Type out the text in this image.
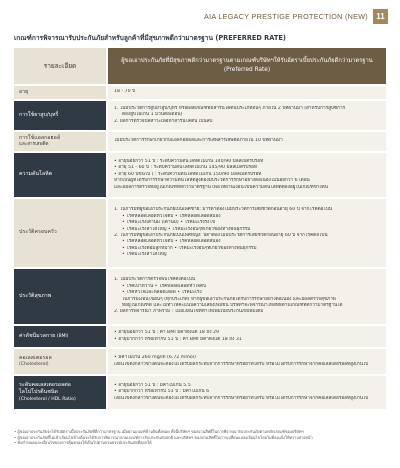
AIA LEGACY PRESTIGE PROTECTION (NEW)	11
เกณฑ์การพิจารณารับประกันภัยสำหรับลูกค้าที่มีสุขภาพดีกว่ามาตรฐาน (PREFERRED RATE)
รายละเอียด
ผู้ขอเอาประกันภัยที่มีสุขภาพดีกว่ามาตรฐานตามเกณฑ์บริษัทฯให้รับอัตราเบี้ยประกันภัยดีกว่ามาตรฐาน
(Preferred Rate)
อายุ	18 - 70 ปี
การใช้ยาสูบ/บุหรี่
1. ไม่มีประวัติการสูบยาสูบ/บุหรี่ หรือผลิตภัณฑ์ที่มีสารนิโคตินประเภทอื่นๆ ภายใน 2 ปีที่ผ่านมา (สำหรับการสูบซิการ์
ต้องสูบไม่เกิน 1 มวนต่อเดือน)
2. ผลการตรวจปัสสาวะเพื่อหาสารนิโคติน เป็นลบ
การใช้แอลกอฮอล์
และสารเสพติด
ไม่มีประวัติการรักษาเกี่ยวกับแอลกอฮอล์และการเสพสารเสพติดภายใน 10 ปีที่ผ่านมา
ความดันโลหิต
• อายุน้อยกว่า 51 ปี : ระดับความดันโลหิตไม่เกิน 140/90 มิลลิเมตรปรอท
• อายุ 51 - 60 ปี : ระดับความดันโลหิตไม่เกิน 145/90 มิลลิเมตรปรอท
• อายุ 60 ปีขึ้นไป ) : ระดับความดันโลหิตไม่เกิน 150/90 มิลลิเมตรปรอท
หากเป็นผู้ที่ได้รับการรักษาความดันโลหิตสูงต้องมีประวัติการรักษาอย่างต่อเนื่องไม่น้อยกว่า 6 เดือน
และมีผลการตรวจที่อยู่ในเกณฑ์ที่ดีกว่ามาตรฐาน เพื่อให้ผ่านเงื่อนไขนี้ความดันโลหิตต้องอยู่ในเกณฑ์ข้างต้น
ประวัติครอบครัว
1. ในการมีที่ผู้ขอเอาประกันภัยเป็นเพศชาย: มารดาต้องไม่มีประวัติการเสียชีวิตก่อนอายุ 60 ปี จากโรคต่อไปนี้
• โรคหลอดเลือดหัวใจตีบ • โรคหลอดเลือดสมอง
• โรคมะเร็งเต้านม (เต้านม) • โรคมะเร็งรังไข่
• โรคมะเร็งลำไส้ใหญ่ • โรคมะเร็งอื่นๆที่เกี่ยวข้องทางพันธุกรรม
2. ในการมีที่ผู้ขอเอาประกันภัยเป็นเพศหญิง: บิดาต้องไม่มีประวัติการเสียชีวิตก่อนอายุ 60 ปี จากโรคต่อไปนี้
• โรคหลอดเลือดหัวใจตีบ • โรคหลอดเลือดสมอง
• โรคมะเร็งต่อมลูกหมาก • โรคมะเร็งอื่นๆที่เกี่ยวข้องทางพันธุกรรม
• โรคมะเร็งลำไส้ใหญ่
ประวัติสุขภาพ
1. ไม่มีประวัติการตรวจพบโรคดังต่อไปนี้
• โรคเบาหวาน • โรคหลอดเลือดหัวใจตีบ
• โรคหัวใจและหลอดเลือด • โรคมะเร็ง
ในการมีเงื่อนไขอื่นๆ (ทุกประเภท) หากผู้ขอเอาประกันภัยได้รับการรักษาอย่างต่อเนื่อง และมีผลตรวจสุขภาพ
ที่อยู่ในเกณฑ์ดี และไม่ทำให้คะแนนความเสี่ยงเพิ่มขึ้น บริษัทฯจะพิจารณาให้สิทธิ์ตามเกณฑ์ที่ดีกว่ามาตรฐานได้
2. ผลการพิจารณา ภาพรวม : ไม่มีเงื่อนไขที่ทำให้เพิ่มเบี้ยประกันภัยเพิ่มเติม
ค่าดัชนีมวลกาย (BMI)
• อายุน้อยกว่า 51 ปี : ค่า BMI มีค่าตั้งแต่ 18 ถึง 29
• อายุมากกว่า หรือเท่ากับ 51 ปี : ค่า BMI มีค่าตั้งแต่ 18 ถึง 31
คอเลสเตอรอล
(Cholesterol)
• มีค่าไม่เกิน 260 mg/dl (6.72 mmol)
เงื่อนไขดังกล่าวข้างต้นจะต้องไม่ได้รับผลกระทบจากการรักษาหรือยาที่ได้รับ หรือไม่ได้รับการรักษาจากคอเลสเตอรอลที่สูงเกินไป
ระดับคอเลสเตอรอลต่อ
ไลโปโปรตีนชนิด
(Cholesterol / HDL Ratio)
• อายุน้อยกว่า 51 ปี : มีค่าไม่เกิน 5.5
• อายุมากกว่า หรือเท่ากับ 51 ปี : มีค่าไม่เกิน 6
เงื่อนไขดังกล่าวข้างต้นจะต้องไม่ได้รับผลกระทบจากการรักษาหรือยาที่ได้รับ หรือไม่ได้รับการรักษาจากคอเลสเตอรอลที่สูงเกินไป
• ผู้ขอเอาประกันภัยจะได้รับอัตราเบี้ยประกันภัยที่ดีกว่ามาตรฐาน เมื่อผ่านเกณฑ์ข้างต้นทั้งหมด ทั้งนี้บริษัทฯ ขอสงวนสิทธิ์ในการพิจารณารับประกันภัยตามหลักเกณฑ์ของบริษัทฯ
• ผู้ขอเอาประกันภัยที่ไม่เข้าเงื่อนไขข้างต้นจะได้รับการพิจารณาตามเกณฑ์การรับประกันภัยปกติ และบริษัทฯ ขอสงวนสิทธิ์ในการเปลี่ยนแปลงเงื่อนไขโดยไม่ต้องแจ้งให้ทราบล่วงหน้า
• ข้อกำหนดและเงื่อนไขของการคุ้มครองให้เป็นไปตามกรมธรรม์ประกันภัยที่ออกให้
